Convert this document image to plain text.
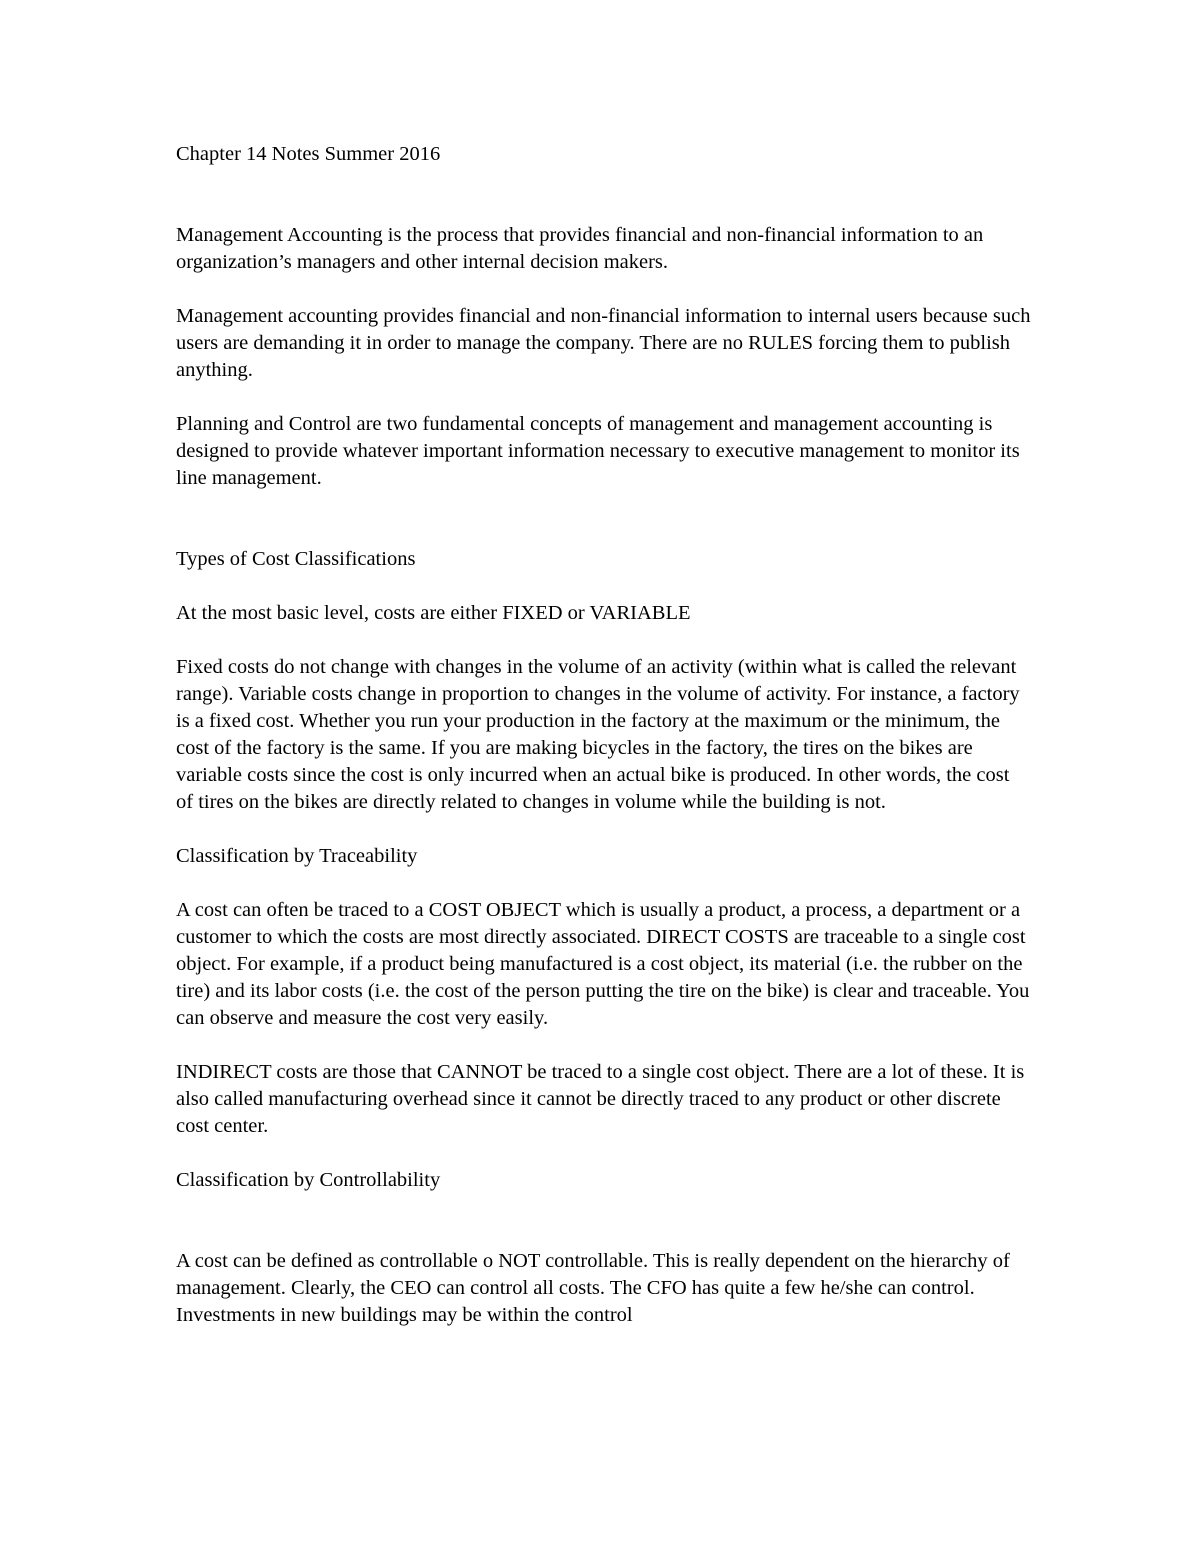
Chapter 14 Notes Summer 2016

Management Accounting is the process that provides financial and non-financial information to an organization’s managers and other internal decision makers.

Management accounting provides financial and non-financial information to internal users because such users are demanding it in order to manage the company. There are no RULES forcing them to publish anything.

Planning and Control are two fundamental concepts of management and management accounting is designed to provide whatever important information necessary to executive management to monitor its line management.

Types of Cost Classifications

At the most basic level, costs are either FIXED or VARIABLE

Fixed costs do not change with changes in the volume of an activity (within what is called the relevant range). Variable costs change in proportion to changes in the volume of activity. For instance, a factory is a fixed cost. Whether you run your production in the factory at the maximum or the minimum, the cost of the factory is the same. If you are making bicycles in the factory, the tires on the bikes are variable costs since the cost is only incurred when an actual bike is produced. In other words, the cost of tires on the bikes are directly related to changes in volume while the building is not.

Classification by Traceability

A cost can often be traced to a COST OBJECT which is usually a product, a process, a department or a customer to which the costs are most directly associated. DIRECT COSTS are traceable to a single cost object. For example, if a product being manufactured is a cost object, its material (i.e. the rubber on the tire) and its labor costs (i.e. the cost of the person putting the tire on the bike) is clear and traceable. You can observe and measure the cost very easily.

INDIRECT costs are those that CANNOT be traced to a single cost object. There are a lot of these. It is also called manufacturing overhead since it cannot be directly traced to any product or other discrete cost center.

Classification by Controllability

A cost can be defined as controllable o NOT controllable. This is really dependent on the hierarchy of management. Clearly, the CEO can control all costs. The CFO has quite a few he/she can control. Investments in new buildings may be within the control
